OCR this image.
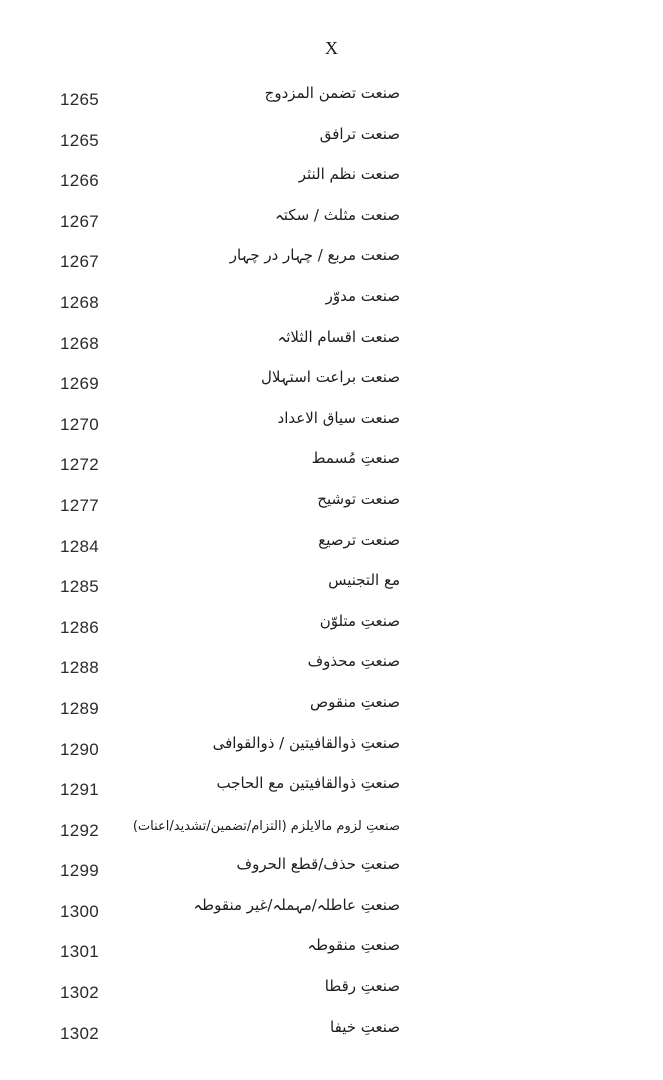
X
1265	صنعت تضمن المزدوج
1265	صنعت ترافق
1266	صنعت نظم النثر
1267	صنعت مثلث / سکتہ
1267	صنعت مربع / چہار در چہار
1268	صنعت مدوّر
1268	صنعت اقسام الثلاثہ
1269	صنعت براعت استہلال
1270	صنعت سیاق الاعداد
1272	صنعتِ مُسمط
1277	صنعت توشیح
1284	صنعت ترصیع
1285	مع التجنیس
1286	صنعتِ متلوّن
1288	صنعتِ محذوف
1289	صنعتِ منقوص
1290	صنعتِ ذوالقافیتین / ذوالقوافی
1291	صنعتِ ذوالقافیتین مع الحاجب
1292	صنعتِ لزوم مالایلزم (التزام/تضمین/تشدید/اعنات)
1299	صنعتِ حذف/قطع الحروف
1300	صنعتِ عاطلہ/مہملہ/غیر منقوطہ
1301	صنعتِ منقوطہ
1302	صنعتِ رقطا
1302	صنعتِ خیفا
